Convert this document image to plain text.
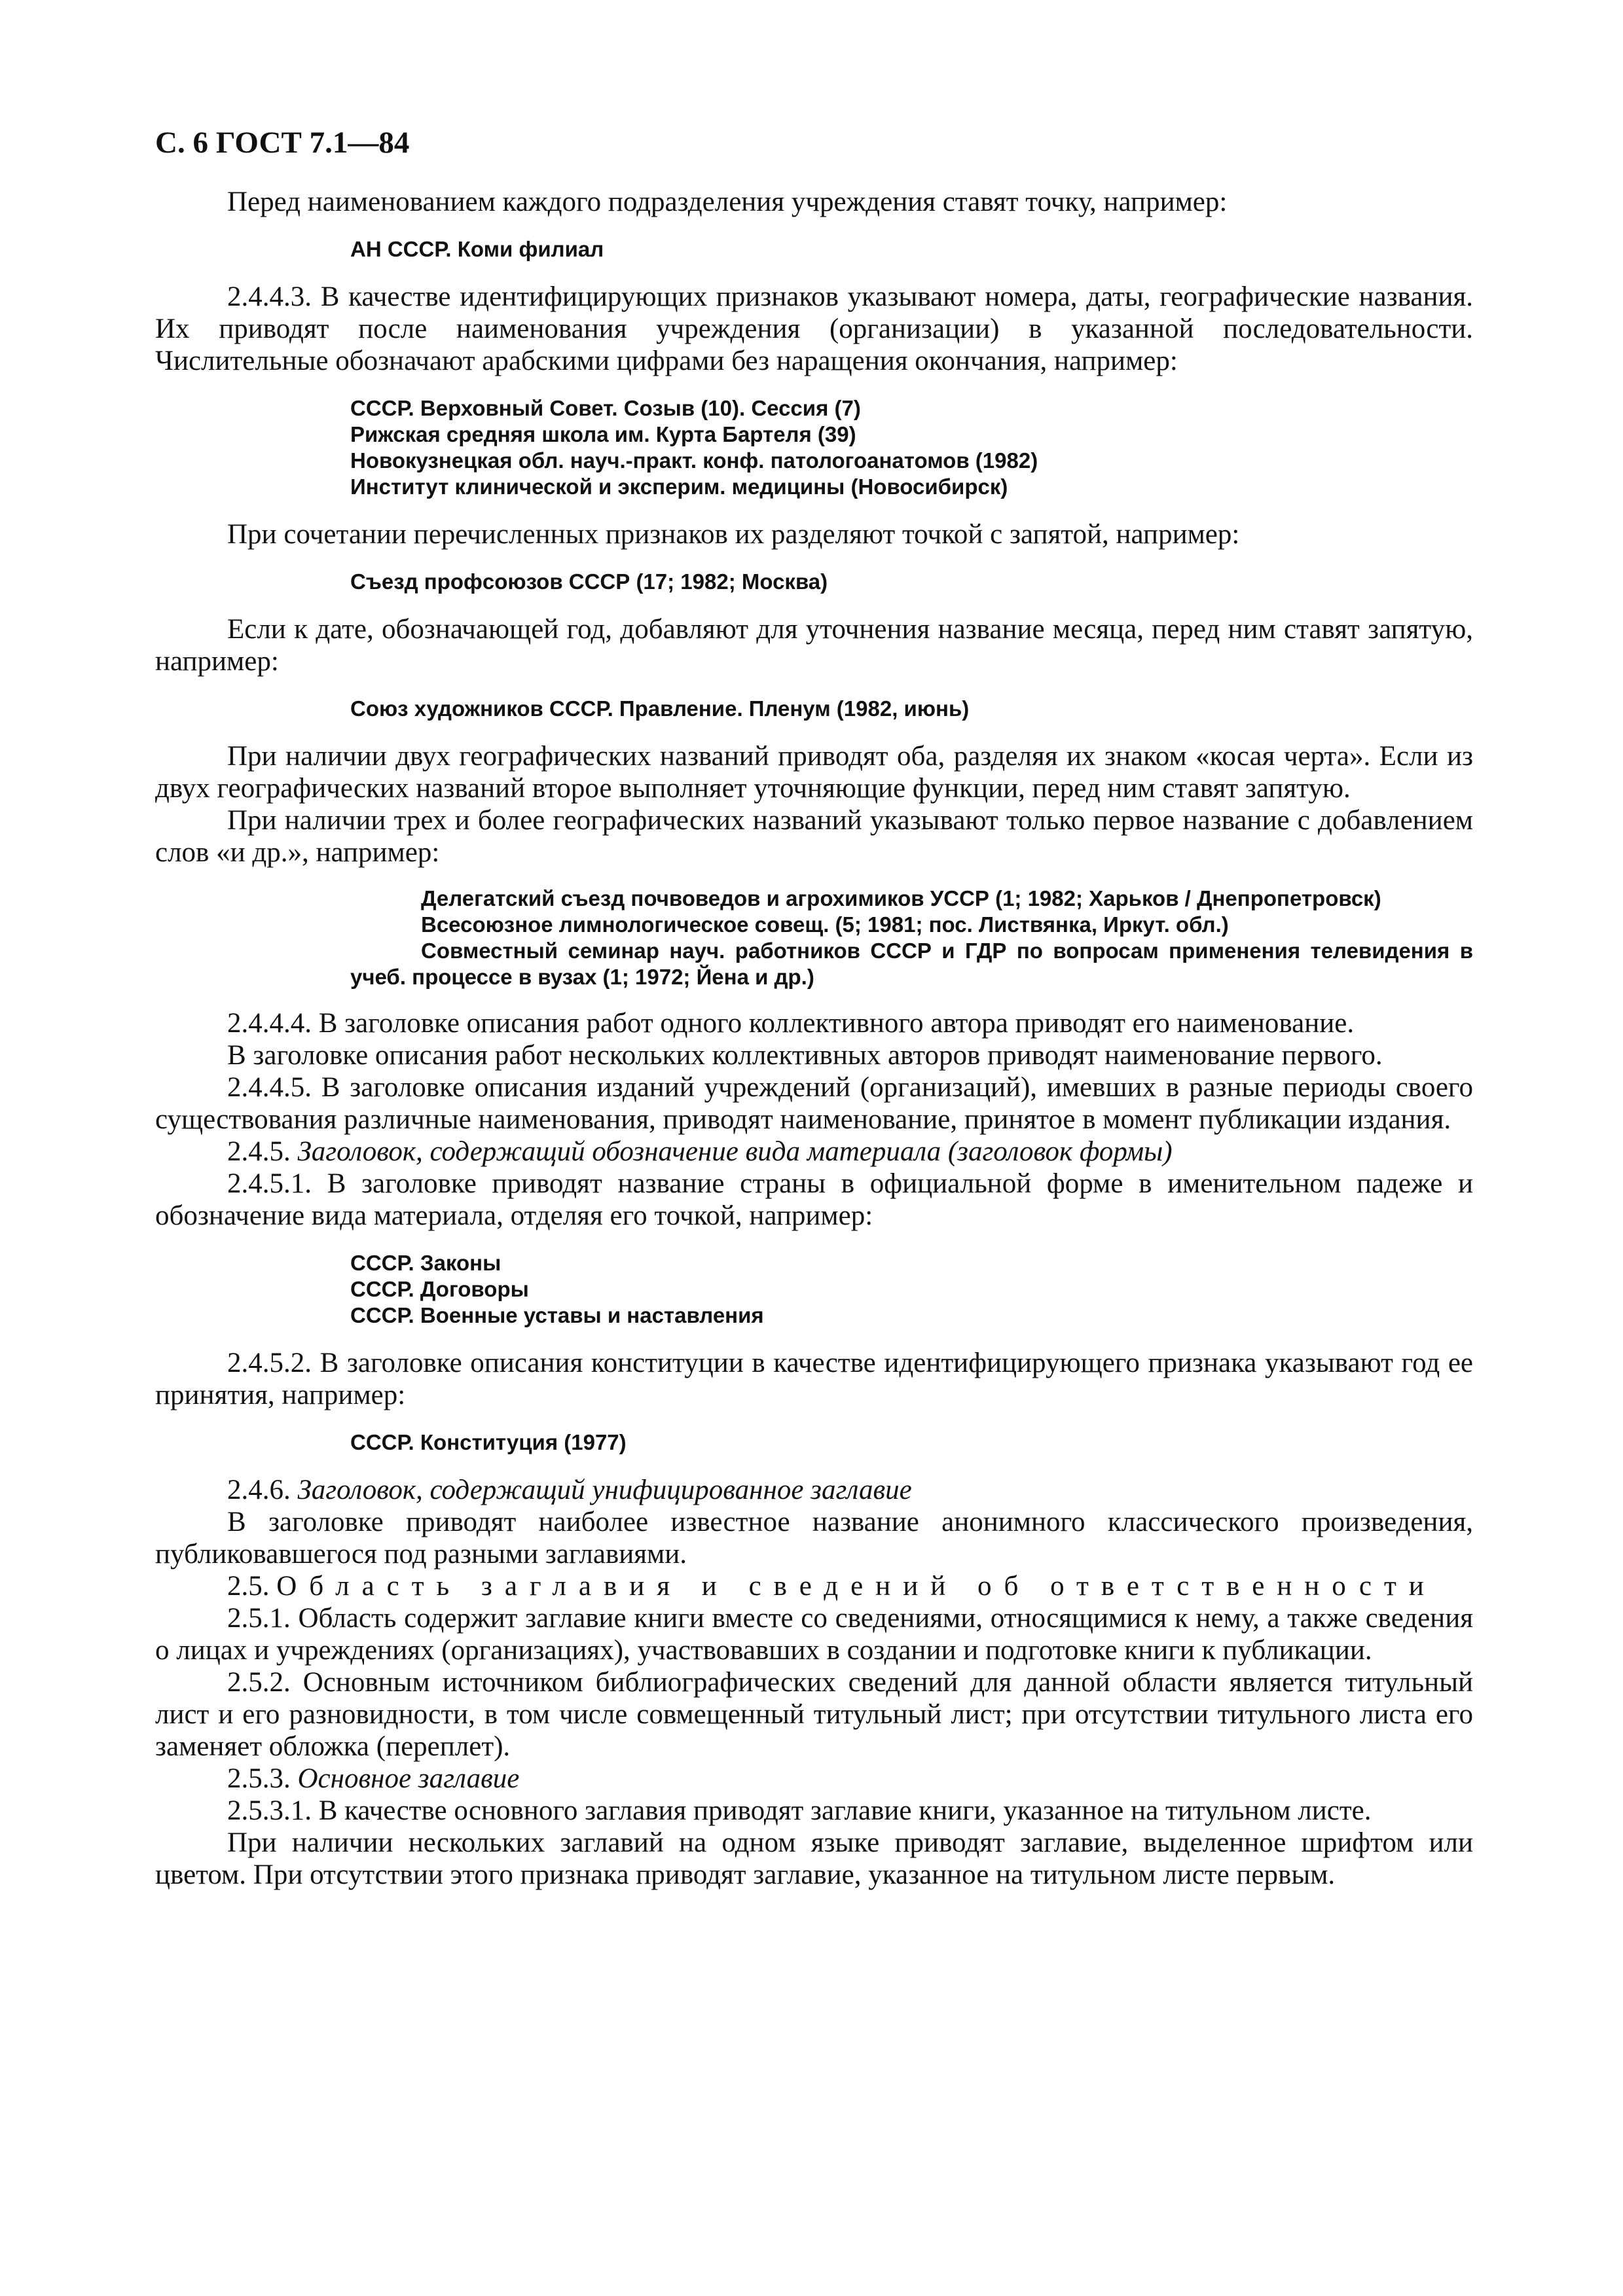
С. 6 ГОСТ 7.1—84

Перед наименованием каждого подразделения учреждения ставят точку, например:

АН СССР. Коми филиал

2.4.4.3. В качестве идентифицирующих признаков указывают номера, даты, географические названия. Их приводят после наименования учреждения (организации) в указанной последовательности. Числительные обозначают арабскими цифрами без наращения окончания, например:

СССР. Верховный Совет. Созыв (10). Сессия (7)
Рижская средняя школа им. Курта Бартеля (39)
Новокузнецкая обл. науч.-практ. конф. патологоанатомов (1982)
Институт клинической и эксперим. медицины (Новосибирск)

При сочетании перечисленных признаков их разделяют точкой с запятой, например:

Съезд профсоюзов СССР (17; 1982; Москва)

Если к дате, обозначающей год, добавляют для уточнения название месяца, перед ним ставят запятую, например:

Союз художников СССР. Правление. Пленум (1982, июнь)

При наличии двух географических названий приводят оба, разделяя их знаком «косая черта». Если из двух географических названий второе выполняет уточняющие функции, перед ним ставят запятую.

При наличии трех и более географических названий указывают только первое название с добавлением слов «и др.», например:

Делегатский съезд почвоведов и агрохимиков УССР (1; 1982; Харьков / Днепропетровск)
Всесоюзное лимнологическое совещ. (5; 1981; пос. Листвянка, Иркут. обл.)
Совместный семинар науч. работников СССР и ГДР по вопросам применения телевидения в учеб. процессе в вузах (1; 1972; Йена и др.)

2.4.4.4. В заголовке описания работ одного коллективного автора приводят его наименование.

В заголовке описания работ нескольких коллективных авторов приводят наименование первого.

2.4.4.5. В заголовке описания изданий учреждений (организаций), имевших в разные периоды своего существования различные наименования, приводят наименование, принятое в момент публикации издания.

2.4.5. Заголовок, содержащий обозначение вида материала (заголовок формы)

2.4.5.1. В заголовке приводят название страны в официальной форме в именительном падеже и обозначение вида материала, отделяя его точкой, например:

СССР. Законы
СССР. Договоры
СССР. Военные уставы и наставления

2.4.5.2. В заголовке описания конституции в качестве идентифицирующего признака указывают год ее принятия, например:

СССР. Конституция (1977)

2.4.6. Заголовок, содержащий унифицированное заглавие

В заголовке приводят наиболее известное название анонимного классического произведения, публиковавшегося под разными заглавиями.

2.5. Область заглавия и сведений об ответственности

2.5.1. Область содержит заглавие книги вместе со сведениями, относящимися к нему, а также сведения о лицах и учреждениях (организациях), участвовавших в создании и подготовке книги к публикации.

2.5.2. Основным источником библиографических сведений для данной области является титульный лист и его разновидности, в том числе совмещенный титульный лист; при отсутствии титульного листа его заменяет обложка (переплет).

2.5.3. Основное заглавие

2.5.3.1. В качестве основного заглавия приводят заглавие книги, указанное на титульном листе.

При наличии нескольких заглавий на одном языке приводят заглавие, выделенное шрифтом или цветом. При отсутствии этого признака приводят заглавие, указанное на титульном листе первым.
